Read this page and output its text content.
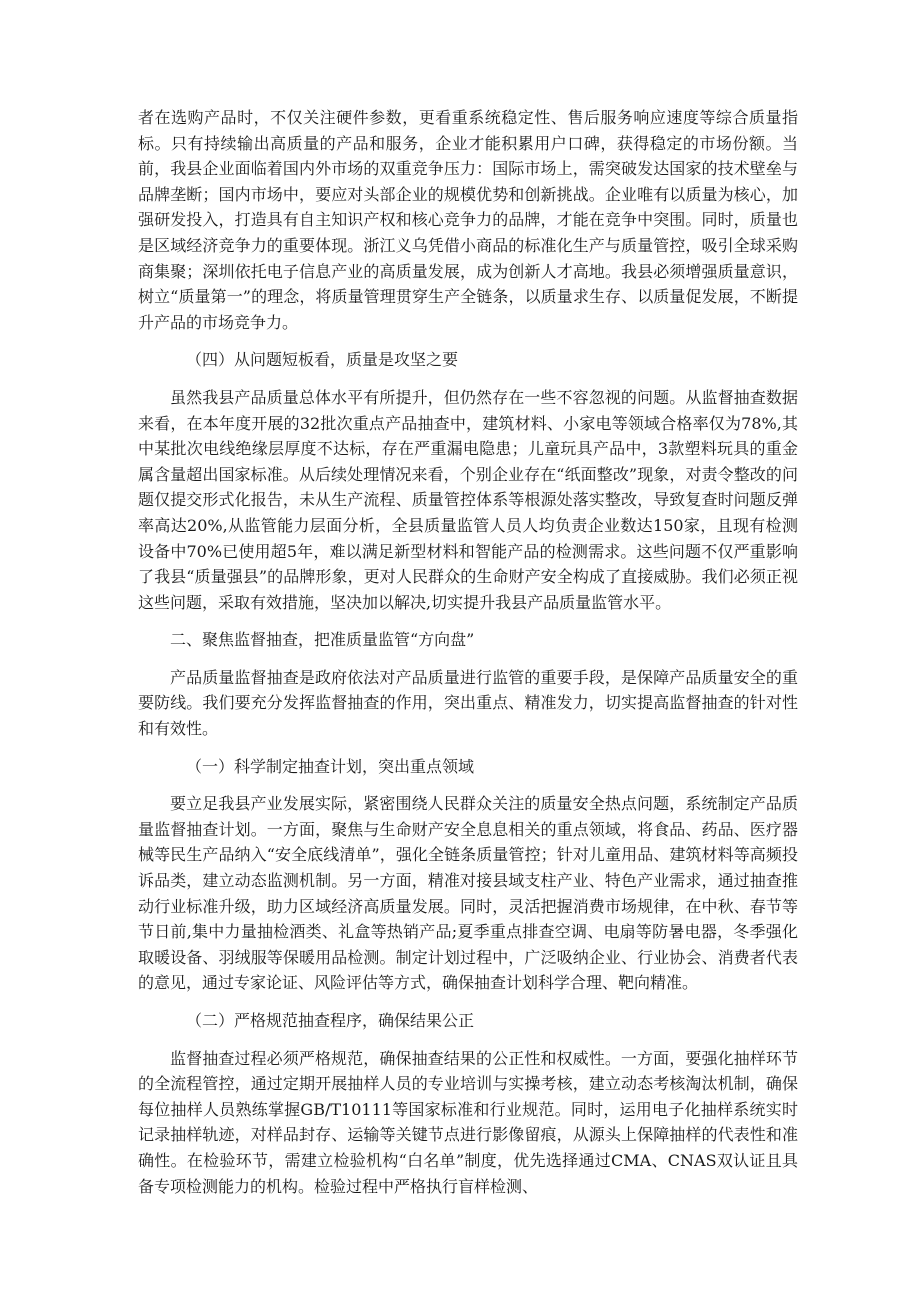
者在选购产品时，不仅关注硬件参数，更看重系统稳定性、售后服务响应速度等综合质量指标。只有持续输出高质量的产品和服务，企业才能积累用户口碑，获得稳定的市场份额。当前，我县企业面临着国内外市场的双重竞争压力：国际市场上，需突破发达国家的技术壁垒与品牌垄断；国内市场中，要应对头部企业的规模优势和创新挑战。企业唯有以质量为核心，加强研发投入，打造具有自主知识产权和核心竞争力的品牌，才能在竞争中突围。同时，质量也是区域经济竞争力的重要体现。浙江义乌凭借小商品的标准化生产与质量管控，吸引全球采购商集聚；深圳依托电子信息产业的高质量发展，成为创新人才高地。我县必须增强质量意识，树立“质量第一”的理念，将质量管理贯穿生产全链条，以质量求生存、以质量促发展，不断提升产品的市场竞争力。

（四）从问题短板看，质量是攻坚之要

虽然我县产品质量总体水平有所提升，但仍然存在一些不容忽视的问题。从监督抽查数据来看，在本年度开展的32批次重点产品抽查中，建筑材料、小家电等领域合格率仅为78%,其中某批次电线绝缘层厚度不达标，存在严重漏电隐患；儿童玩具产品中，3款塑料玩具的重金属含量超出国家标准。从后续处理情况来看，个别企业存在“纸面整改”现象，对责令整改的问题仅提交形式化报告，未从生产流程、质量管控体系等根源处落实整改，导致复查时问题反弹率高达20%,从监管能力层面分析，全县质量监管人员人均负责企业数达150家，且现有检测设备中70%已使用超5年，难以满足新型材料和智能产品的检测需求。这些问题不仅严重影响了我县“质量强县”的品牌形象，更对人民群众的生命财产安全构成了直接威胁。我们必须正视这些问题，采取有效措施，坚决加以解决,切实提升我县产品质量监管水平。

二、聚焦监督抽查，把准质量监管“方向盘”

产品质量监督抽查是政府依法对产品质量进行监管的重要手段，是保障产品质量安全的重要防线。我们要充分发挥监督抽查的作用，突出重点、精准发力，切实提高监督抽查的针对性和有效性。

（一）科学制定抽查计划，突出重点领域

要立足我县产业发展实际，紧密围绕人民群众关注的质量安全热点问题，系统制定产品质量监督抽查计划。一方面，聚焦与生命财产安全息息相关的重点领域，将食品、药品、医疗器械等民生产品纳入“安全底线清单”，强化全链条质量管控；针对儿童用品、建筑材料等高频投诉品类，建立动态监测机制。另一方面，精准对接县域支柱产业、特色产业需求，通过抽查推动行业标准升级，助力区域经济高质量发展。同时，灵活把握消费市场规律，在中秋、春节等节日前,集中力量抽检酒类、礼盒等热销产品;夏季重点排查空调、电扇等防暑电器，冬季强化取暖设备、羽绒服等保暖用品检测。制定计划过程中，广泛吸纳企业、行业协会、消费者代表的意见，通过专家论证、风险评估等方式，确保抽查计划科学合理、靶向精准。

（二）严格规范抽查程序，确保结果公正

监督抽查过程必须严格规范，确保抽查结果的公正性和权威性。一方面，要强化抽样环节的全流程管控，通过定期开展抽样人员的专业培训与实操考核，建立动态考核淘汰机制，确保每位抽样人员熟练掌握GB/T10111等国家标准和行业规范。同时，运用电子化抽样系统实时记录抽样轨迹，对样品封存、运输等关键节点进行影像留痕，从源头上保障抽样的代表性和准确性。在检验环节，需建立检验机构“白名单”制度，优先选择通过CMA、CNAS双认证且具备专项检测能力的机构。检验过程中严格执行盲样检测、
